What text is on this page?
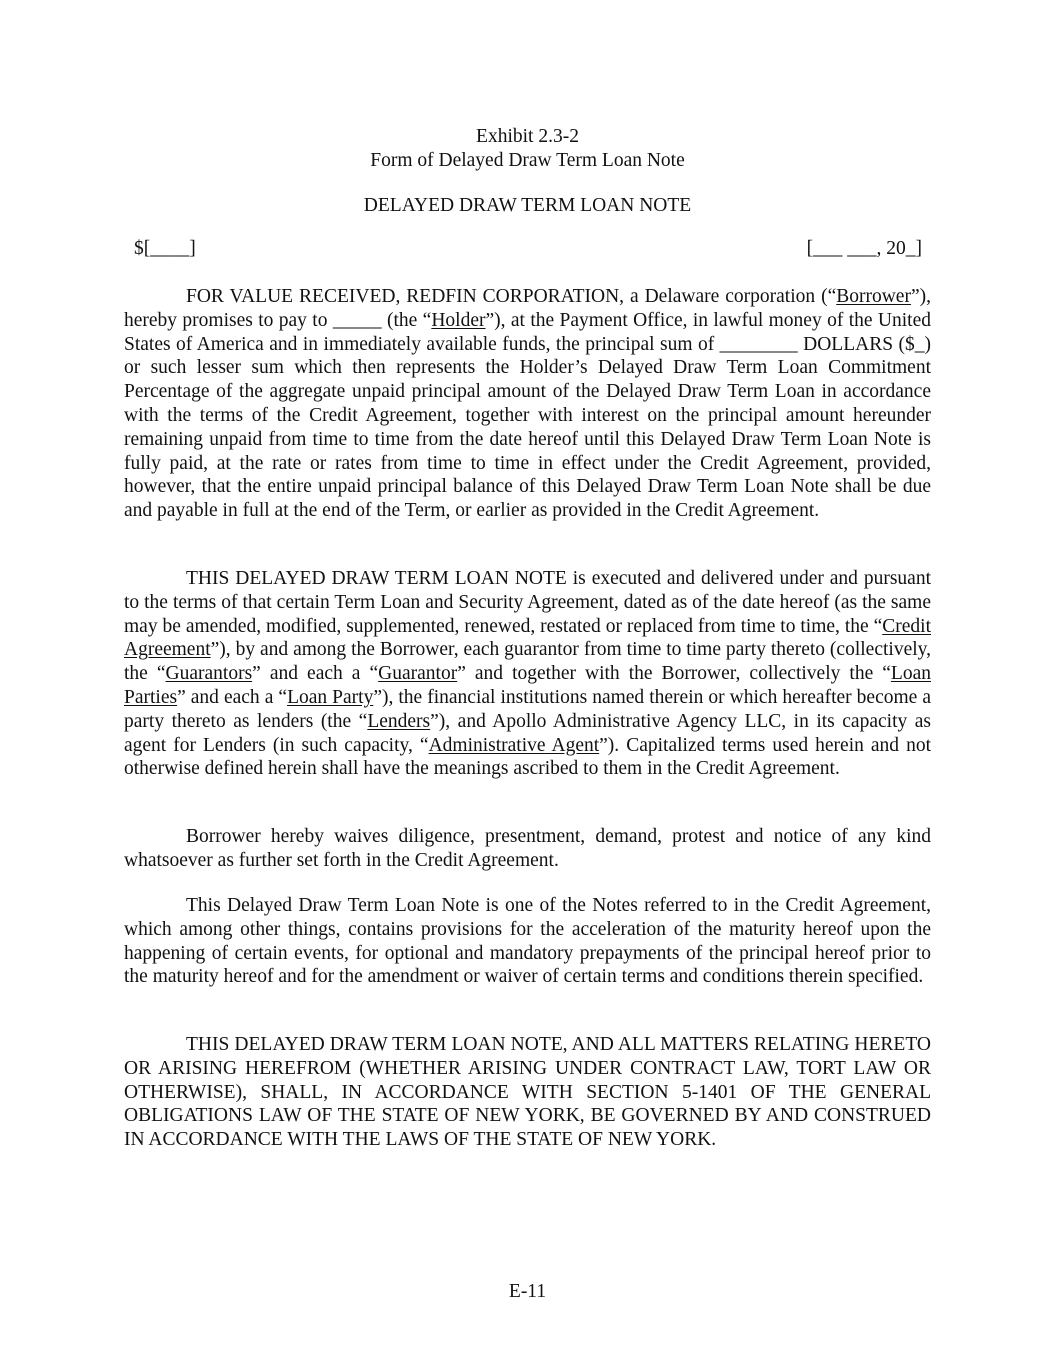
Exhibit 2.3-2
Form of Delayed Draw Term Loan Note
DELAYED DRAW TERM LOAN NOTE
$[____]	[___ ___, 20_]

FOR VALUE RECEIVED, REDFIN CORPORATION, a Delaware corporation (“Borrower”), hereby promises to pay to _____ (the “Holder”), at the Payment Office, in lawful money of the United States of America and in immediately available funds, the principal sum of ________ DOLLARS ($_) or such lesser sum which then represents the Holder’s Delayed Draw Term Loan Commitment Percentage of the aggregate unpaid principal amount of the Delayed Draw Term Loan in accordance with the terms of the Credit Agreement, together with interest on the principal amount hereunder remaining unpaid from time to time from the date hereof until this Delayed Draw Term Loan Note is fully paid, at the rate or rates from time to time in effect under the Credit Agreement, provided, however, that the entire unpaid principal balance of this Delayed Draw Term Loan Note shall be due and payable in full at the end of the Term, or earlier as provided in the Credit Agreement.

THIS DELAYED DRAW TERM LOAN NOTE is executed and delivered under and pursuant to the terms of that certain Term Loan and Security Agreement, dated as of the date hereof (as the same may be amended, modified, supplemented, renewed, restated or replaced from time to time, the “Credit Agreement”), by and among the Borrower, each guarantor from time to time party thereto (collectively, the “Guarantors” and each a “Guarantor” and together with the Borrower, collectively the “Loan Parties” and each a “Loan Party”), the financial institutions named therein or which hereafter become a party thereto as lenders (the “Lenders”), and Apollo Administrative Agency LLC, in its capacity as agent for Lenders (in such capacity, “Administrative Agent”). Capitalized terms used herein and not otherwise defined herein shall have the meanings ascribed to them in the Credit Agreement.

Borrower hereby waives diligence, presentment, demand, protest and notice of any kind whatsoever as further set forth in the Credit Agreement.

This Delayed Draw Term Loan Note is one of the Notes referred to in the Credit Agreement, which among other things, contains provisions for the acceleration of the maturity hereof upon the happening of certain events, for optional and mandatory prepayments of the principal hereof prior to the maturity hereof and for the amendment or waiver of certain terms and conditions therein specified.

THIS DELAYED DRAW TERM LOAN NOTE, AND ALL MATTERS RELATING HERETO OR ARISING HEREFROM (WHETHER ARISING UNDER CONTRACT LAW, TORT LAW OR OTHERWISE), SHALL, IN ACCORDANCE WITH SECTION 5-1401 OF THE GENERAL OBLIGATIONS LAW OF THE STATE OF NEW YORK, BE GOVERNED BY AND CONSTRUED IN ACCORDANCE WITH THE LAWS OF THE STATE OF NEW YORK.

E-11
